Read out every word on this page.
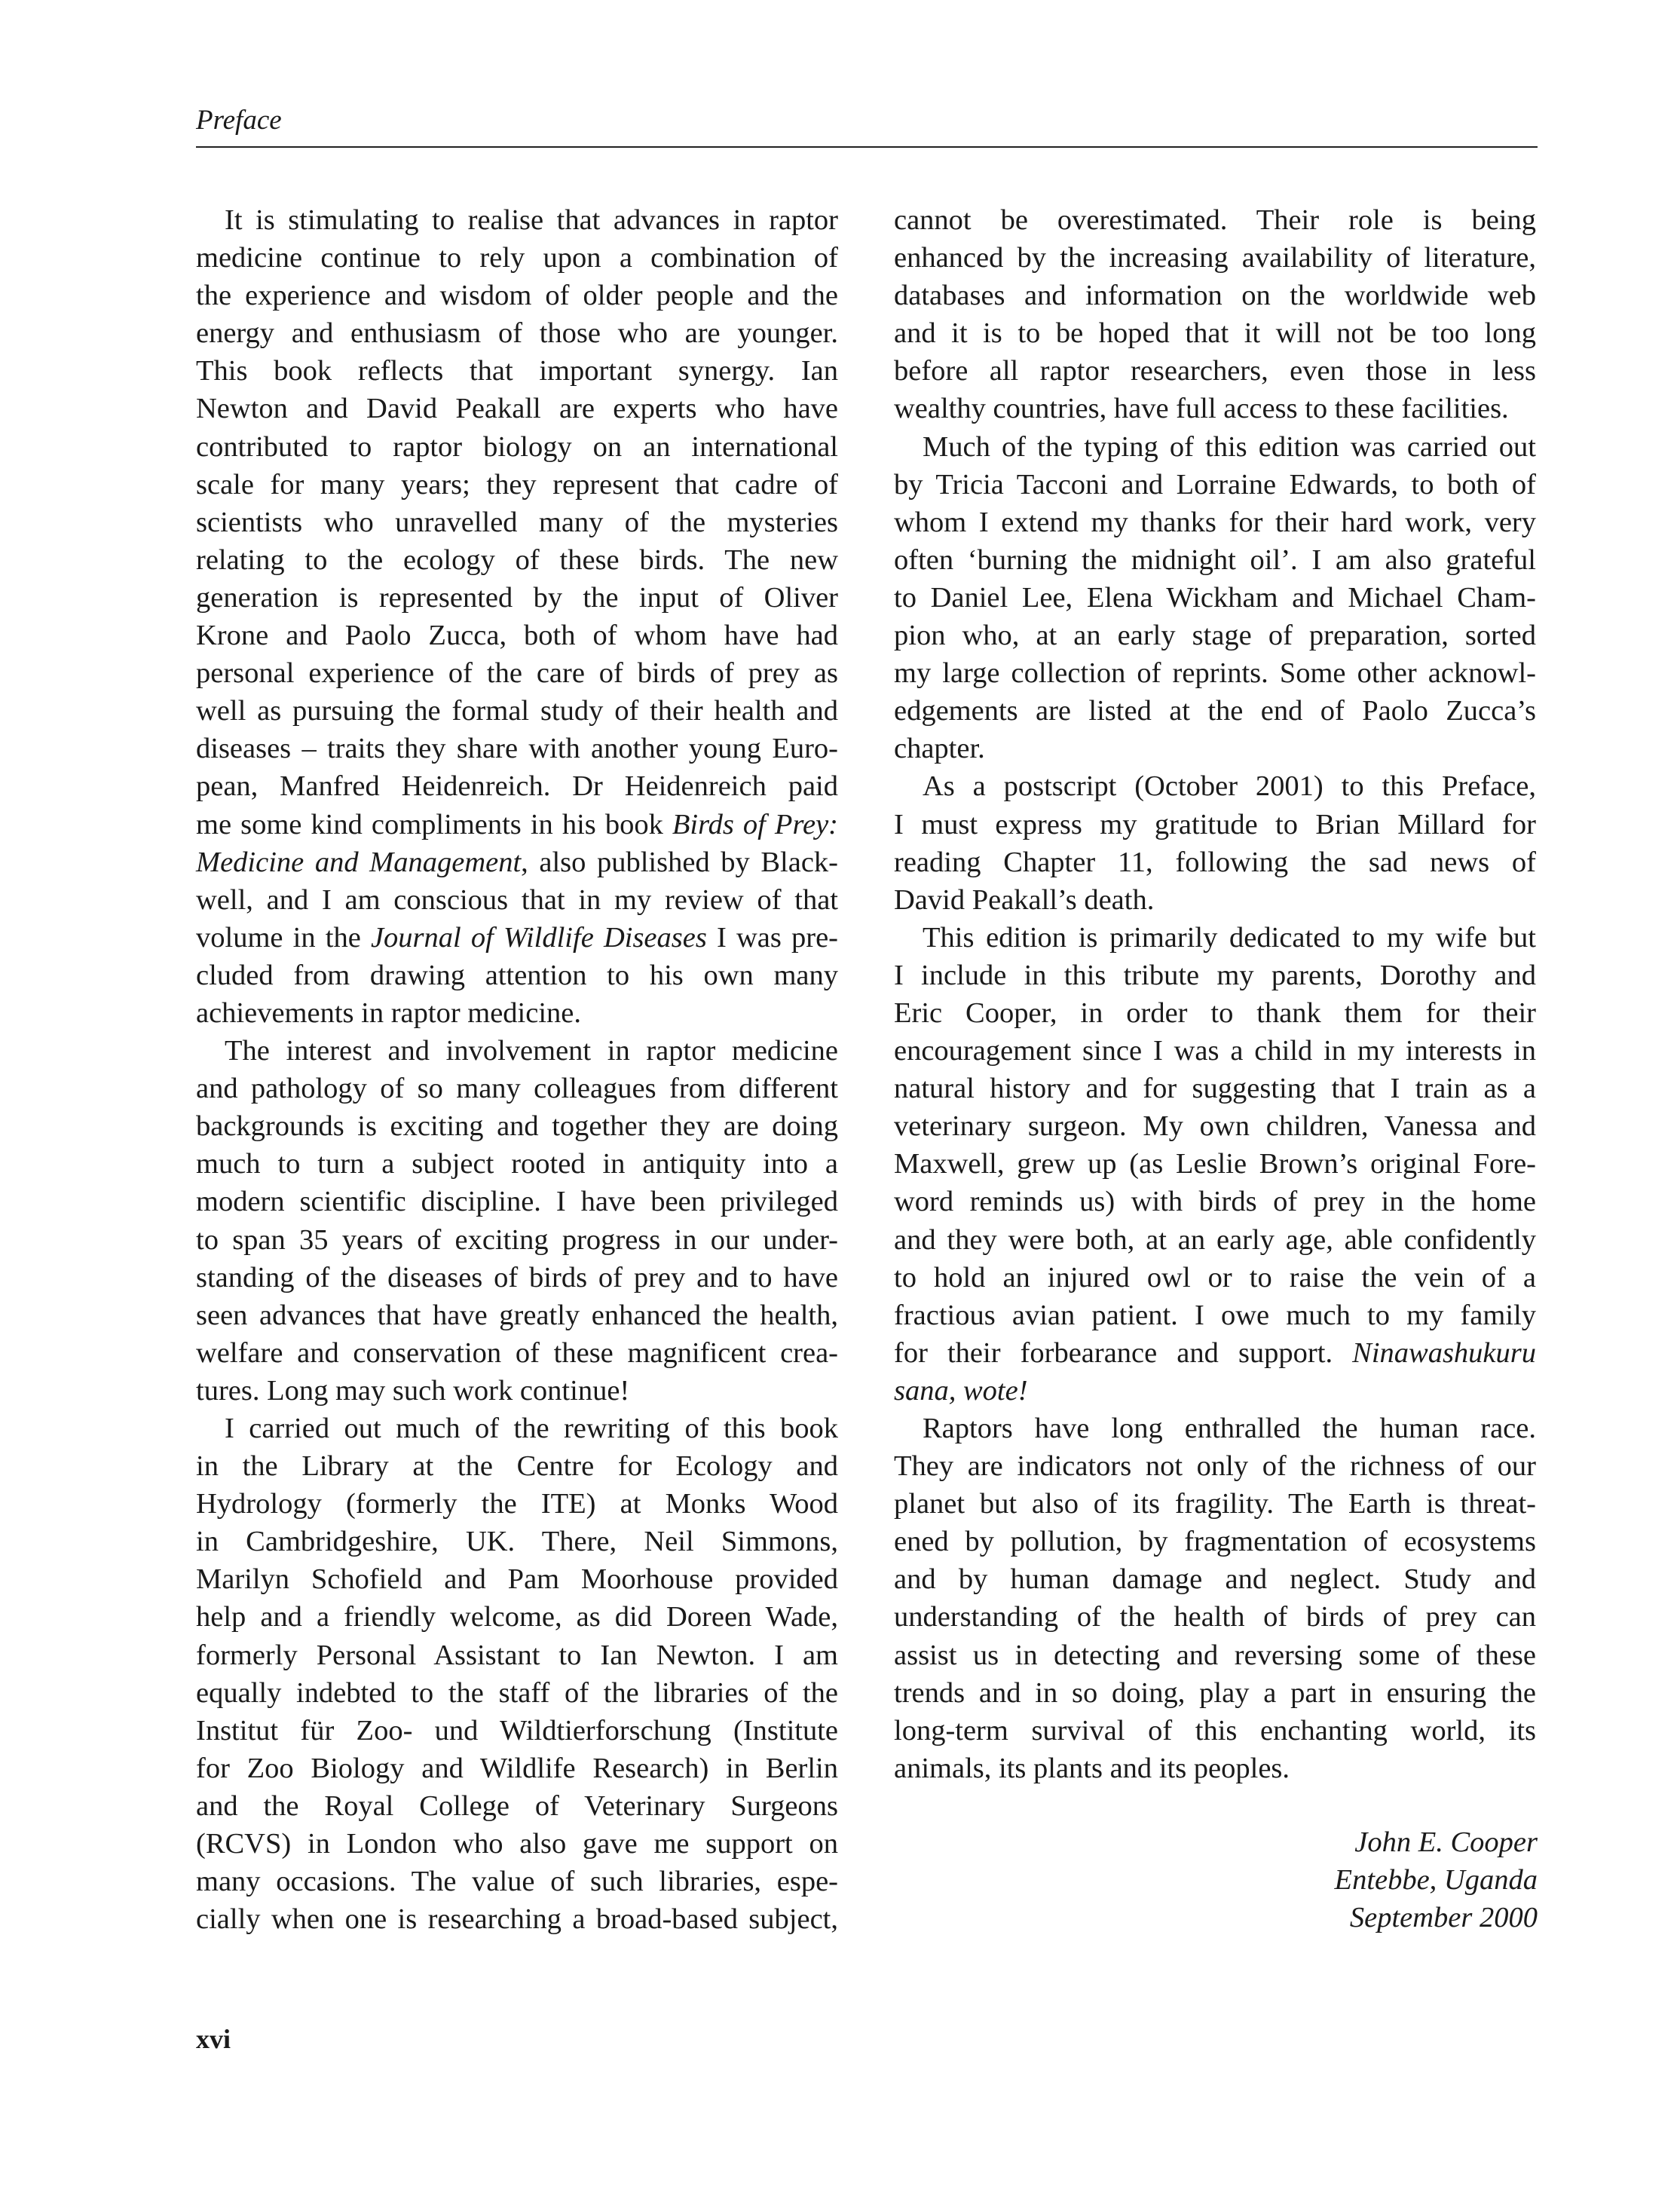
Preface
It is stimulating to realise that advances in raptor
medicine continue to rely upon a combination of
the experience and wisdom of older people and the
energy and enthusiasm of those who are younger.
This book reflects that important synergy. Ian
Newton and David Peakall are experts who have
contributed to raptor biology on an international
scale for many years; they represent that cadre of
scientists who unravelled many of the mysteries
relating to the ecology of these birds. The new
generation is represented by the input of Oliver
Krone and Paolo Zucca, both of whom have had
personal experience of the care of birds of prey as
well as pursuing the formal study of their health and
diseases – traits they share with another young Euro-
pean, Manfred Heidenreich. Dr Heidenreich paid
me some kind compliments in his book Birds of Prey:
Medicine and Management, also published by Black-
well, and I am conscious that in my review of that
volume in the Journal of Wildlife Diseases I was pre-
cluded from drawing attention to his own many
achievements in raptor medicine.
The interest and involvement in raptor medicine
and pathology of so many colleagues from different
backgrounds is exciting and together they are doing
much to turn a subject rooted in antiquity into a
modern scientific discipline. I have been privileged
to span 35 years of exciting progress in our under-
standing of the diseases of birds of prey and to have
seen advances that have greatly enhanced the health,
welfare and conservation of these magnificent crea-
tures. Long may such work continue!
I carried out much of the rewriting of this book
in the Library at the Centre for Ecology and
Hydrology (formerly the ITE) at Monks Wood
in Cambridgeshire, UK. There, Neil Simmons,
Marilyn Schofield and Pam Moorhouse provided
help and a friendly welcome, as did Doreen Wade,
formerly Personal Assistant to Ian Newton. I am
equally indebted to the staff of the libraries of the
Institut für Zoo- und Wildtierforschung (Institute
for Zoo Biology and Wildlife Research) in Berlin
and the Royal College of Veterinary Surgeons
(RCVS) in London who also gave me support on
many occasions. The value of such libraries, espe-
cially when one is researching a broad-based subject,
cannot be overestimated. Their role is being
enhanced by the increasing availability of literature,
databases and information on the worldwide web
and it is to be hoped that it will not be too long
before all raptor researchers, even those in less
wealthy countries, have full access to these facilities.
Much of the typing of this edition was carried out
by Tricia Tacconi and Lorraine Edwards, to both of
whom I extend my thanks for their hard work, very
often ‘burning the midnight oil’. I am also grateful
to Daniel Lee, Elena Wickham and Michael Cham-
pion who, at an early stage of preparation, sorted
my large collection of reprints. Some other acknowl-
edgements are listed at the end of Paolo Zucca’s
chapter.
As a postscript (October 2001) to this Preface,
I must express my gratitude to Brian Millard for
reading Chapter 11, following the sad news of
David Peakall’s death.
This edition is primarily dedicated to my wife but
I include in this tribute my parents, Dorothy and
Eric Cooper, in order to thank them for their
encouragement since I was a child in my interests in
natural history and for suggesting that I train as a
veterinary surgeon. My own children, Vanessa and
Maxwell, grew up (as Leslie Brown’s original Fore-
word reminds us) with birds of prey in the home
and they were both, at an early age, able confidently
to hold an injured owl or to raise the vein of a
fractious avian patient. I owe much to my family
for their forbearance and support. Ninawashukuru
sana, wote!
Raptors have long enthralled the human race.
They are indicators not only of the richness of our
planet but also of its fragility. The Earth is threat-
ened by pollution, by fragmentation of ecosystems
and by human damage and neglect. Study and
understanding of the health of birds of prey can
assist us in detecting and reversing some of these
trends and in so doing, play a part in ensuring the
long-term survival of this enchanting world, its
animals, its plants and its peoples.
John E. Cooper
Entebbe, Uganda
September 2000
xvi
